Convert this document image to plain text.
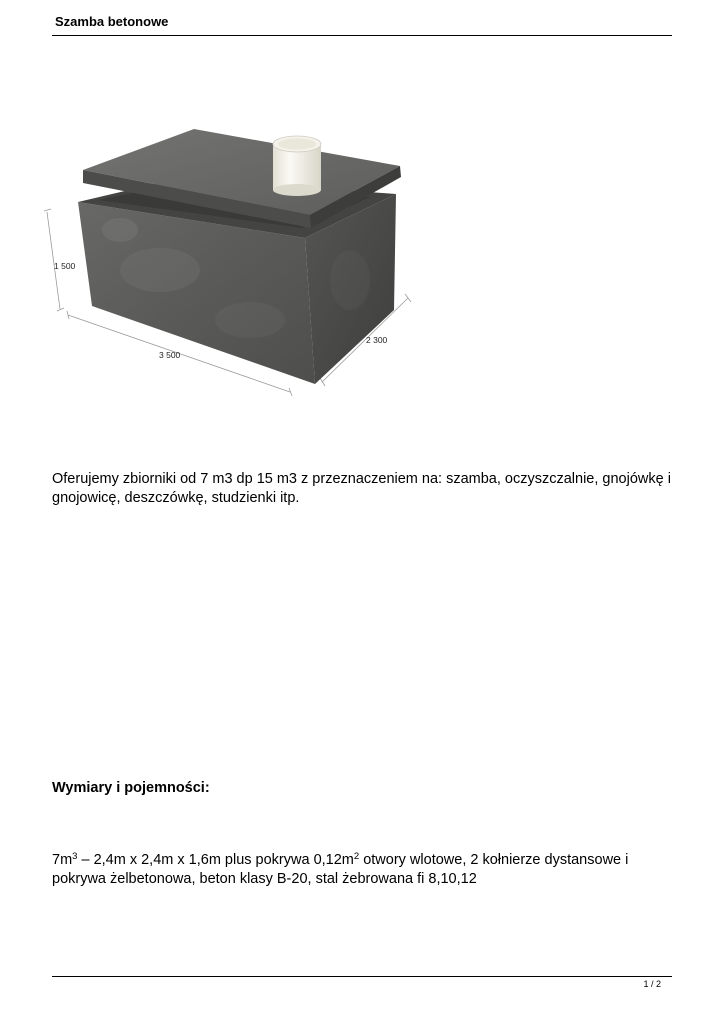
Szamba betonowe
1 500
3 500
2 300
Oferujemy zbiorniki od 7 m3 dp 15 m3 z przeznaczeniem na: szamba, oczyszczalnie, gnojówkę i gnojowicę, deszczówkę, studzienki itp.
Wymiary i pojemności:
$7m^3 - 2,4m$ x 2,4m x 1,6m plus pokrywa $0,12m^2$ otwory wlotowe, 2 kołnierze dystansowe i pokrywa żelbetonowa, beton klasy B-20, stal żebrowana fi 8,10,12
1 / 2
